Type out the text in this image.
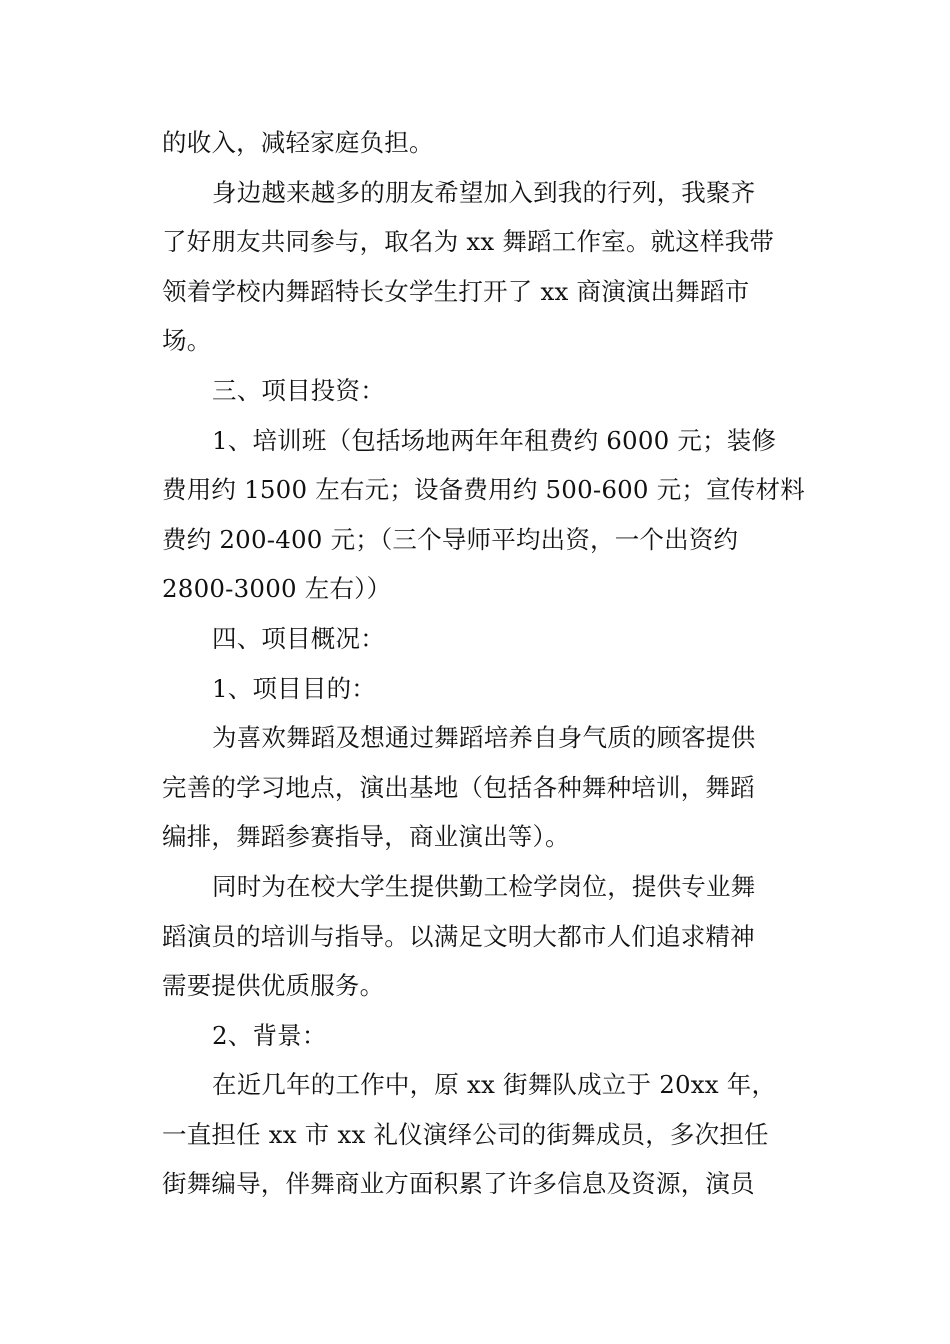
的收入，减轻家庭负担。
身边越来越多的朋友希望加入到我的行列，我聚齐
了好朋友共同参与，取名为 xx 舞蹈工作室。就这样我带
领着学校内舞蹈特长女学生打开了 xx 商演演出舞蹈市
场。
三、项目投资：
1、培训班（包括场地两年年租费约 6000 元；装修
费用约 1500 左右元；设备费用约 500-600 元；宣传材料
费约 200-400 元；（三个导师平均出资，一个出资约
2800-3000 左右））
四、项目概况：
1、项目目的：
为喜欢舞蹈及想通过舞蹈培养自身气质的顾客提供
完善的学习地点，演出基地（包括各种舞种培训，舞蹈
编排，舞蹈参赛指导，商业演出等）。
同时为在校大学生提供勤工检学岗位，提供专业舞
蹈演员的培训与指导。以满足文明大都市人们追求精神
需要提供优质服务。
2、背景：
在近几年的工作中，原 xx 街舞队成立于 20xx 年，
一直担任 xx 市 xx 礼仪演绎公司的街舞成员，多次担任
街舞编导，伴舞商业方面积累了许多信息及资源，演员
